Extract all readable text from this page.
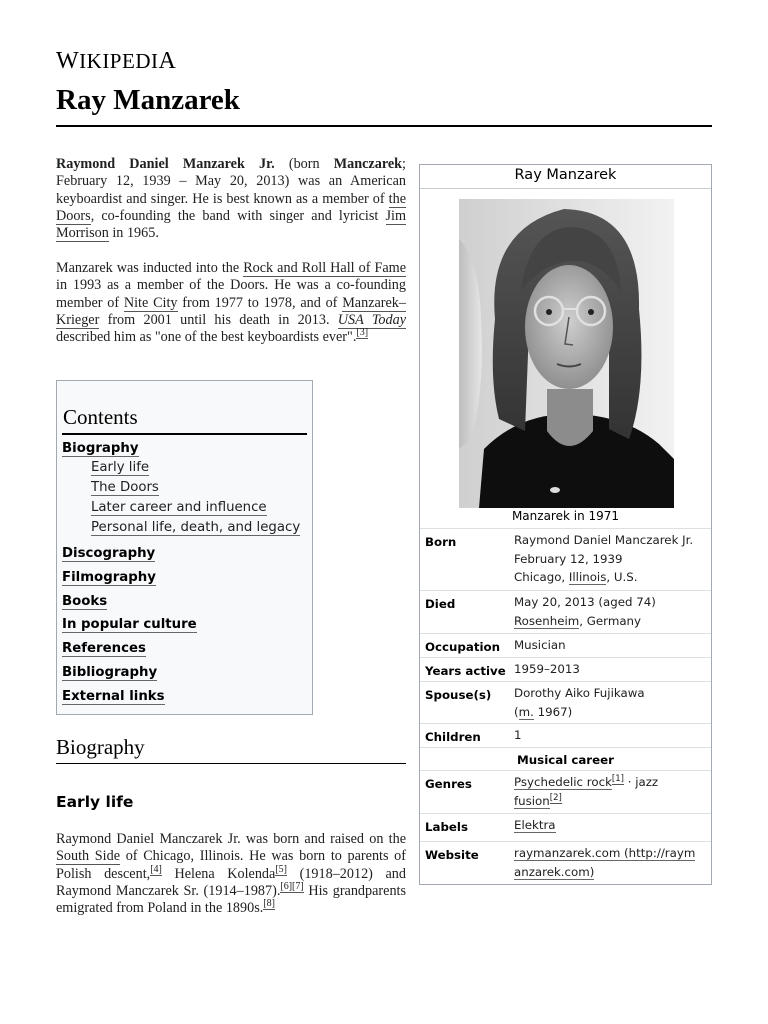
WIKIPEDIA
Ray Manzarek
Raymond Daniel Manzarek Jr. (born Manczarek; February 12, 1939 – May 20, 2013) was an American keyboardist and singer. He is best known as a member of the Doors, co-founding the band with singer and lyricist Jim Morrison in 1965.
Manzarek was inducted into the Rock and Roll Hall of Fame in 1993 as a member of the Doors. He was a co-founding member of Nite City from 1977 to 1978, and of Manzarek–Krieger from 2001 until his death in 2013. USA Today described him as "one of the best keyboardists ever".[3]
Contents
Biography
Early life
The Doors
Later career and influence
Personal life, death, and legacy
Discography
Filmography
Books
In popular culture
References
Bibliography
External links
Biography
Early life
Raymond Daniel Manczarek Jr. was born and raised on the South Side of Chicago, Illinois. He was born to parents of Polish descent,[4] Helena Kolenda[5] (1918–2012) and Raymond Manczarek Sr. (1914–1987).[6][7] His grandparents emigrated from Poland in the 1890s.[8]
Ray Manzarek
Manzarek in 1971
Born	Raymond Daniel Manczarek Jr.
February 12, 1939
Chicago, Illinois, U.S.
Died	May 20, 2013 (aged 74)
Rosenheim, Germany
Occupation Musician
Years active 1959–2013
Spouse(s) Dorothy Aiko Fujikawa
(m. 1967)
Children	1
Musical career
Genres	Psychedelic rock[1] · jazz
fusion[2]
Labels	Elektra
Website	raymanzarek.com (http://raym
anzarek.com)
